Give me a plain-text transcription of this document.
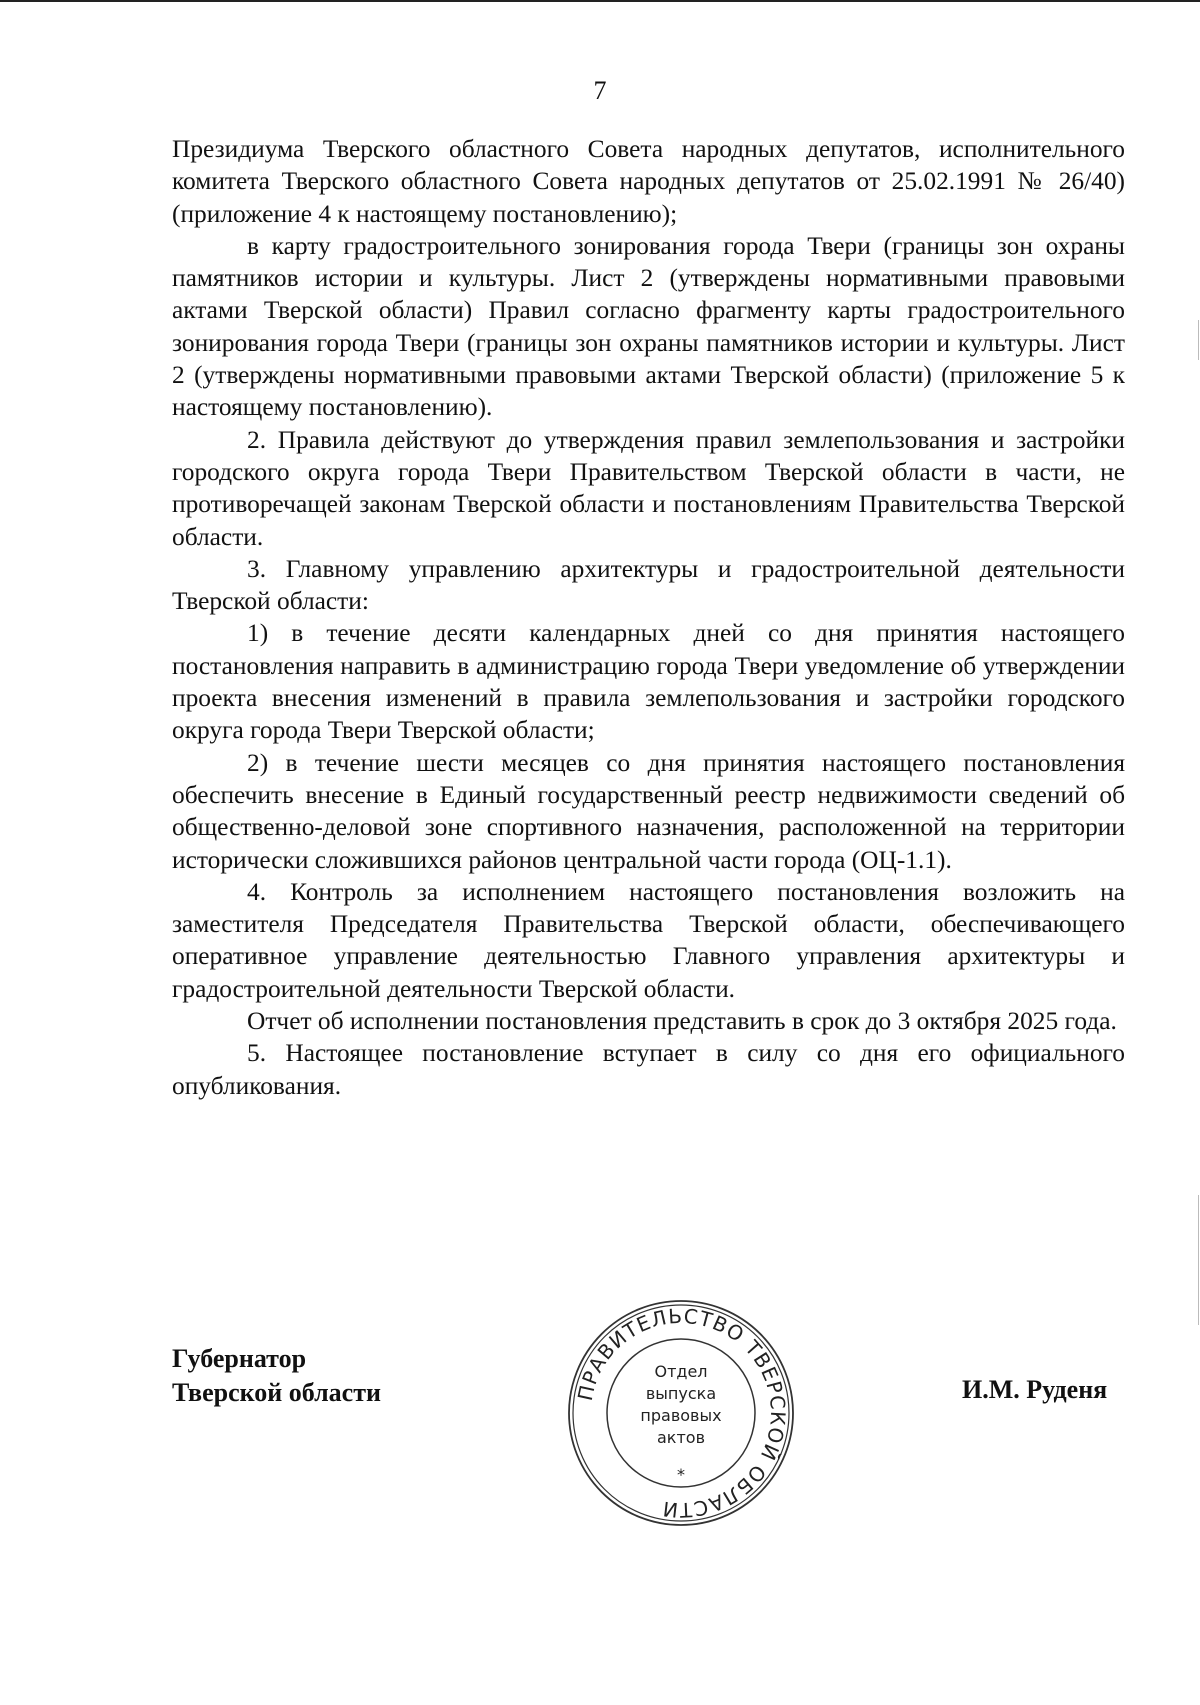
7

Президиума Тверского областного Совета народных депутатов, исполнительного комитета Тверского областного Совета народных депутатов от 25.02.1991 № 26/40) (приложение 4 к настоящему постановлению);

в карту градостроительного зонирования города Твери (границы зон охраны памятников истории и культуры. Лист 2 (утверждены нормативными правовыми актами Тверской области) Правил согласно фрагменту карты градостроительного зонирования города Твери (границы зон охраны памятников истории и культуры. Лист 2 (утверждены нормативными правовыми актами Тверской области) (приложение 5 к настоящему постановлению).

2. Правила действуют до утверждения правил землепользования и застройки городского округа города Твери Правительством Тверской области в части, не противоречащей законам Тверской области и постановлениям Правительства Тверской области.

3. Главному управлению архитектуры и градостроительной деятельности Тверской области:

1) в течение десяти календарных дней со дня принятия настоящего постановления направить в администрацию города Твери уведомление об утверждении проекта внесения изменений в правила землепользования и застройки городского округа города Твери Тверской области;

2) в течение шести месяцев со дня принятия настоящего постановления обеспечить внесение в Единый государственный реестр недвижимости сведений об общественно-деловой зоне спортивного назначения, расположенной на территории исторически сложившихся районов центральной части города (ОЦ-1.1).

4. Контроль за исполнением настоящего постановления возложить на заместителя Председателя Правительства Тверской области, обеспечивающего оперативное управление деятельностью Главного управления архитектуры и градостроительной деятельности Тверской области.

Отчет об исполнении постановления представить в срок до 3 октября 2025 года.

5. Настоящее постановление вступает в силу со дня его официального опубликования.

Губернатор
Тверской области	ПРАВИТЕЛЬСТВО ТВЕРСКОЙ ОБЛАСТИ
*
Отдел
выпуска
правовых
актов
И.М. Руденя
